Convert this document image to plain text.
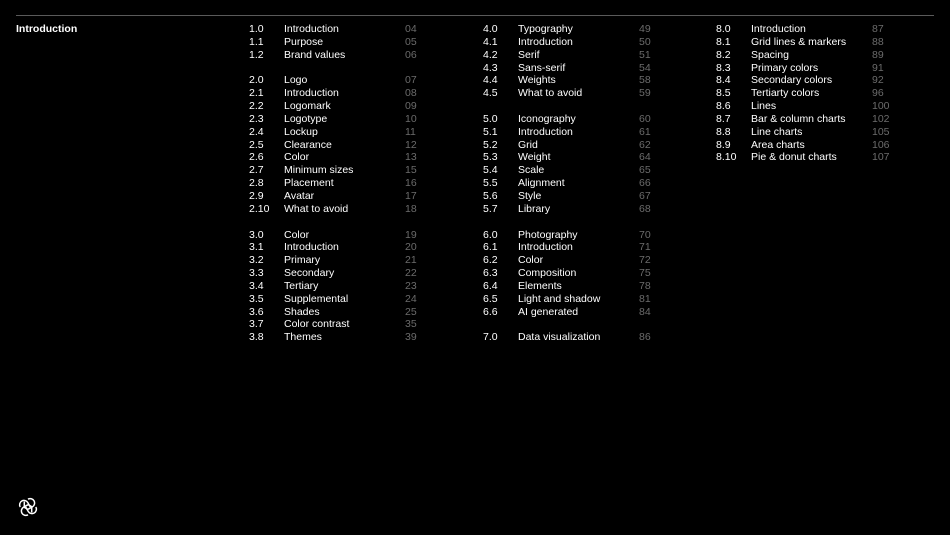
Introduction	1.0 Introduction	04
1.1 Purpose	05
1.2 Brand values	06
2.0 Logo	07
2.1 Introduction	08
2.2 Logomark	09
2.3 Logotype	10
2.4 Lockup	11
2.5 Clearance	12
2.6 Color	13
2.7 Minimum sizes	15
2.8 Placement	16
2.9 Avatar	17
2.10 What to avoid	18
3.0 Color	19
3.1 Introduction	20
3.2 Primary	21
3.3 Secondary	22
3.4 Tertiary	23
3.5 Supplemental	24
3.6 Shades	25
3.7 Color contrast	35
3.8 Themes	39
4.0 Typography	49
4.1 Introduction	50
4.2 Serif	51
4.3 Sans-serif	54
4.4 Weights	58
4.5 What to avoid	59
5.0 Iconography	60
5.1 Introduction	61
5.2 Grid	62
5.3 Weight	64
5.4 Scale	65
5.5 Alignment	66
5.6 Style	67
5.7 Library	68
6.0 Photography	70
6.1 Introduction	71
6.2 Color	72
6.3 Composition	75
6.4 Elements	78
6.5 Light and shadow	81
6.6 AI generated	84
7.0 Data visualization	86
8.0 Introduction	87
8.1 Grid lines & markers 88
8.2 Spacing	89
8.3 Primary colors	91
8.4 Secondary colors	92
8.5 Tertiarty colors	96
8.6 Lines	100
8.7 Bar & column charts	102
8.8 Line charts	105
8.9 Area charts	106
8.10 Pie & donut charts	107
